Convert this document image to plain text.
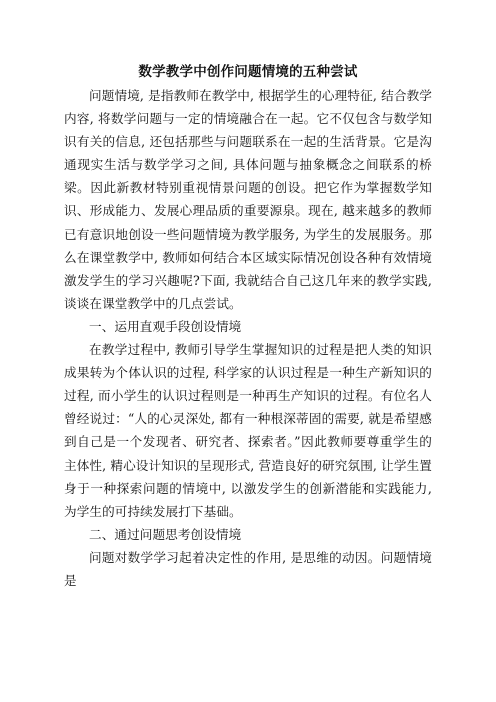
数学教学中创作问题情境的五种尝试

问题情境, 是指教师在教学中, 根据学生的心理特征, 结合教学内容, 将数学问题与一定的情境融合在一起。它不仅包含与数学知识有关的信息, 还包括那些与问题联系在一起的生活背景。它是沟通现实生活与数学学习之间, 具体问题与抽象概念之间联系的桥梁。因此新教材特别重视情景问题的创设。把它作为掌握数学知识、形成能力、发展心理品质的重要源泉。现在, 越来越多的教师已有意识地创设一些问题情境为教学服务, 为学生的发展服务。那么在课堂教学中, 教师如何结合本区域实际情况创设各种有效情境激发学生的学习兴趣呢?下面, 我就结合自己这几年来的教学实践, 谈谈在课堂教学中的几点尝试。

一、运用直观手段创设情境

在教学过程中, 教师引导学生掌握知识的过程是把人类的知识成果转为个体认识的过程, 科学家的认识过程是一种生产新知识的过程, 而小学生的认识过程则是一种再生产知识的过程。有位名人曾经说过：“人的心灵深处, 都有一种根深蒂固的需要, 就是希望感到自己是一个发现者、研究者、探索者。”因此教师要尊重学生的主体性, 精心设计知识的呈现形式, 营造良好的研究氛围, 让学生置身于一种探索问题的情境中, 以激发学生的创新潜能和实践能力, 为学生的可持续发展打下基础。

二、通过问题思考创设情境

问题对数学学习起着决定性的作用, 是思维的动因。问题情境是
